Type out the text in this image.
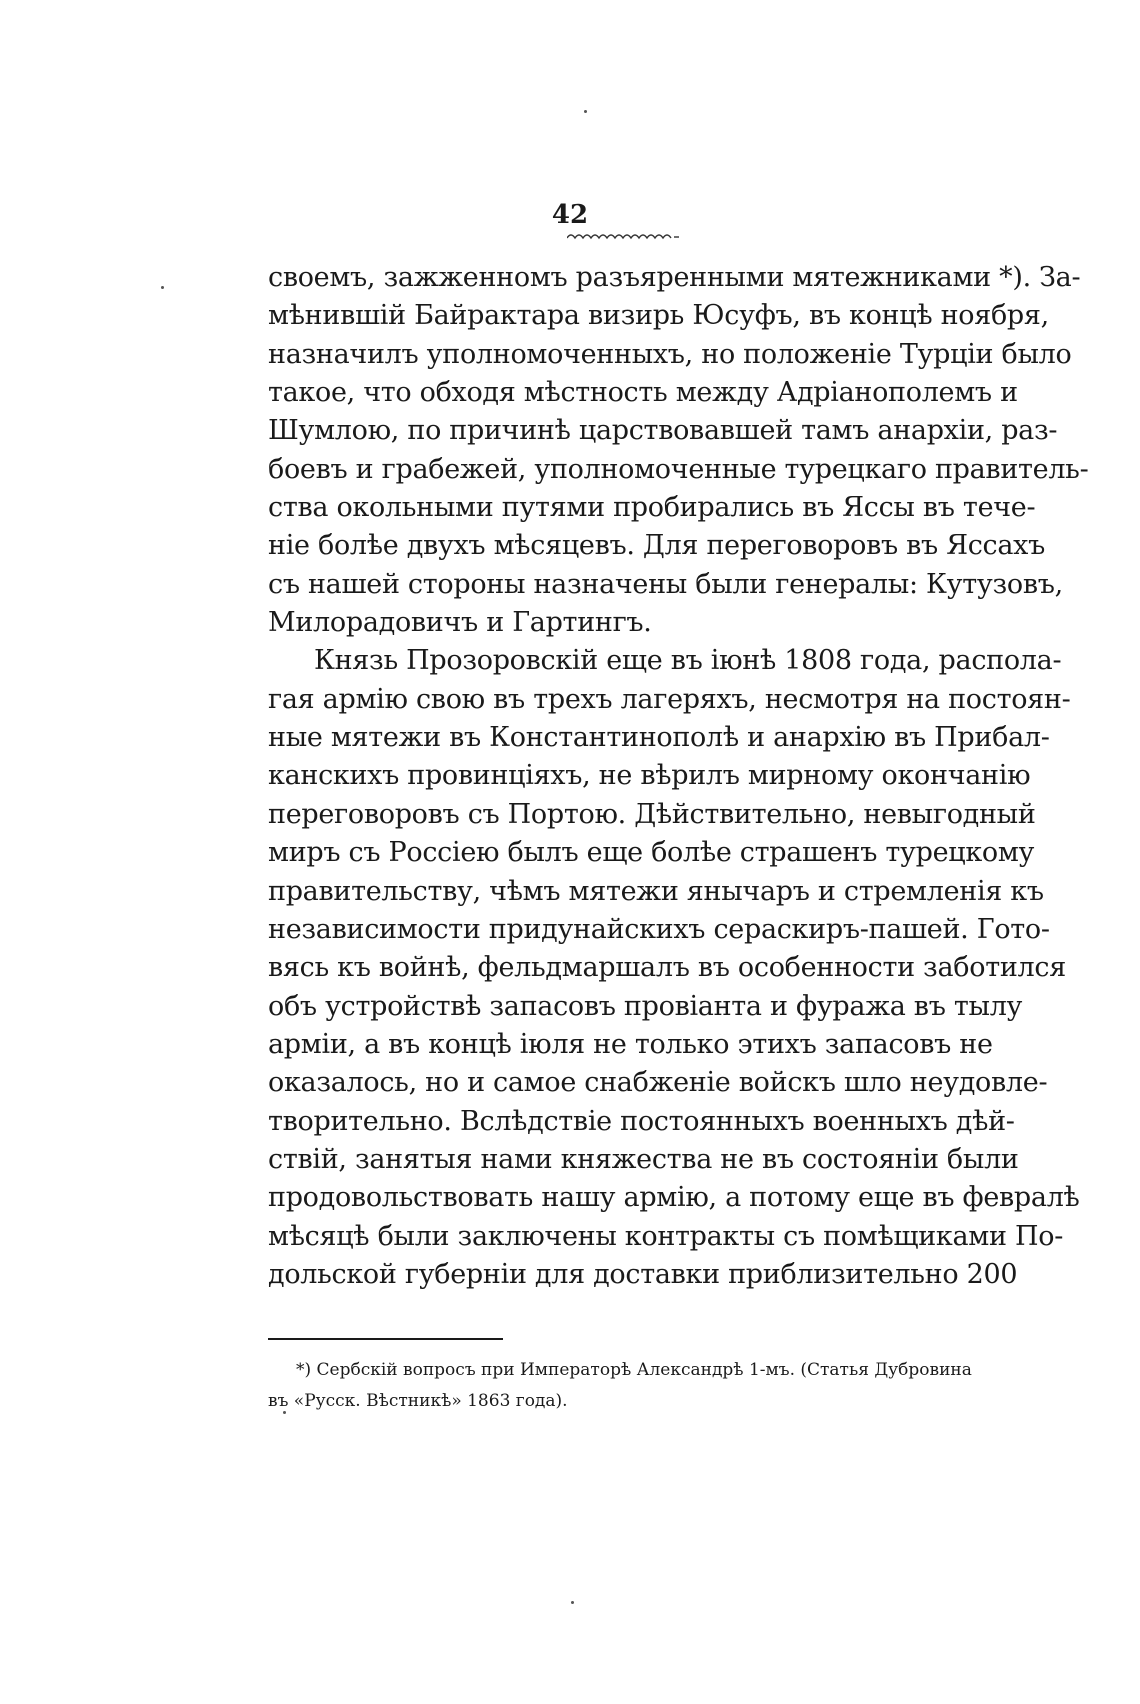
42
своемъ, зажженномъ разъяренными мятежниками *). За-
мѣнившій Байрактара визирь Юсуфъ, въ концѣ ноября,
назначилъ уполномоченныхъ, но положеніе Турціи было
такое, что обходя мѣстность между Адріанополемъ и
Шумлою, по причинѣ царствовавшей тамъ анархіи, раз-
боевъ и грабежей, уполномоченные турецкаго правитель-
ства окольными путями пробирались въ Яссы въ тече-
ніе болѣе двухъ мѣсяцевъ. Для переговоровъ въ Яссахъ
съ нашей стороны назначены были генералы: Кутузовъ,
Милорадовичъ и Гартингъ.
Князь Прозоровскій еще въ іюнѣ 1808 года, распола-
гая армію свою въ трехъ лагеряхъ, несмотря на постоян-
ные мятежи въ Константинополѣ и анархію въ Прибал-
канскихъ провинціяхъ, не вѣрилъ мирному окончанію
переговоровъ съ Портою. Дѣйствительно, невыгодный
миръ съ Россіею былъ еще болѣе страшенъ турецкому
правительству, чѣмъ мятежи янычаръ и стремленія къ
независимости придунайскихъ сераскиръ-пашей. Гото-
вясь къ войнѣ, фельдмаршалъ въ особенности заботился
объ устройствѣ запасовъ провіанта и фуража въ тылу
арміи, а въ концѣ іюля не только этихъ запасовъ не
оказалось, но и самое снабженіе войскъ шло неудовле-
творительно. Вслѣдствіе постоянныхъ военныхъ дѣй-
ствій, занятыя нами княжества не въ состояніи были
продовольствовать нашу армію, а потому еще въ февралѣ
мѣсяцѣ были заключены контракты съ помѣщиками По-
дольской губерніи для доставки приблизительно 200
*) Сербскій вопросъ при Императорѣ Александрѣ 1-мъ. (Статья Дубровина
въ «Русск. Вѣстникѣ» 1863 года).
